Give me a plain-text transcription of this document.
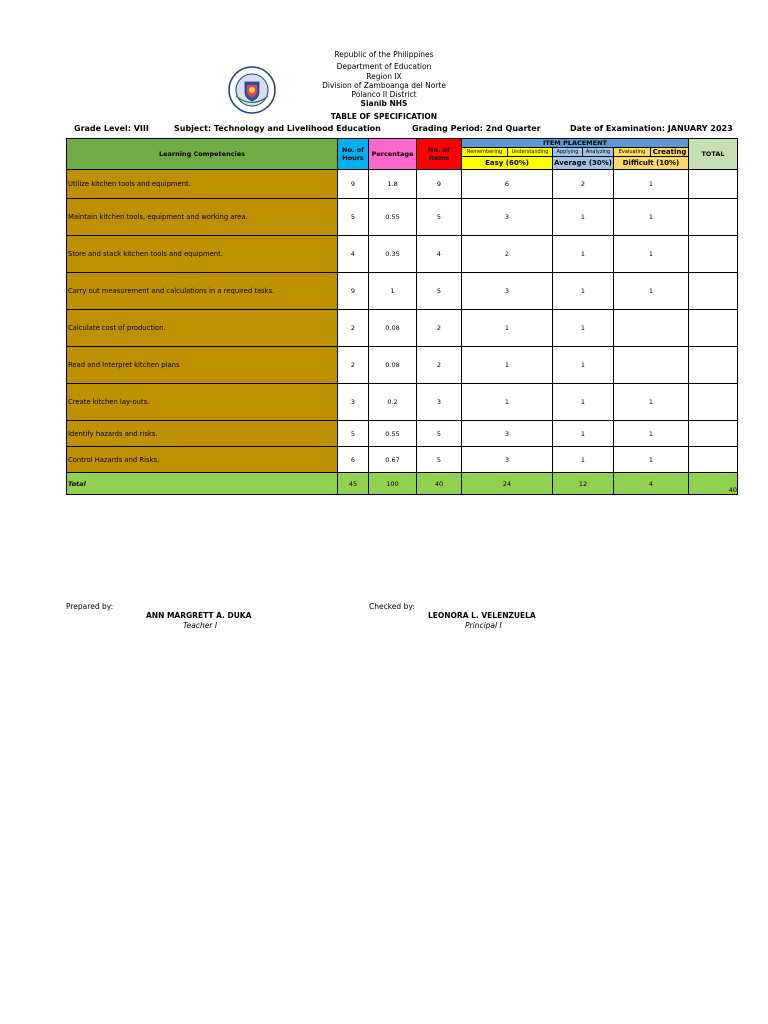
Republic of the Philippines
Department of Education
Region IX
Division of Zamboanga del Norte
Polanco II District
Sianib NHS
TABLE OF SPECIFICATION
Grade Level: VIII	Subject: Technology and Livelihood Education	Grading Period: 2nd Quarter	Date of Examination: JANUARY 2023
Learning Competencies	No. of Hours	Percentage	No. of Items	ITEM PLACEMENT						TOTAL
				Remembering	Understanding	Applying	Analyzing	Evaluating	Creating	
				Easy (60%)		Average (30%)		Difficult (10%)		
Utilize kitchen tools and equipment.	9	1.8	9	6		2		1		
Maintain kitchen tools, equipment and working area.	5	0.55	5	3		1		1		
Store and stack kitchen tools and equipment.	4	0.35	4	2		1		1		
Carry out measurement and calculations in a required tasks.	9	1	5	3		1		1		
Calculate cost of production.	2	0.08	2	1		1				
Read and Interpret kitchen plans	2	0.08	2	1		1				
Create kitchen lay-outs.	3	0.2	3	1		1		1		
Identify hazards and risks.	5	0.55	5	3		1		1		
Control Hazards and Risks.	6	0.67	5	3		1		1		
Total	45	100	40	24		12		4		40
Prepared by:
ANN MARGRETT A. DUKA
Teacher I
Checked by:
LEONORA L. VELENZUELA
Principal I
